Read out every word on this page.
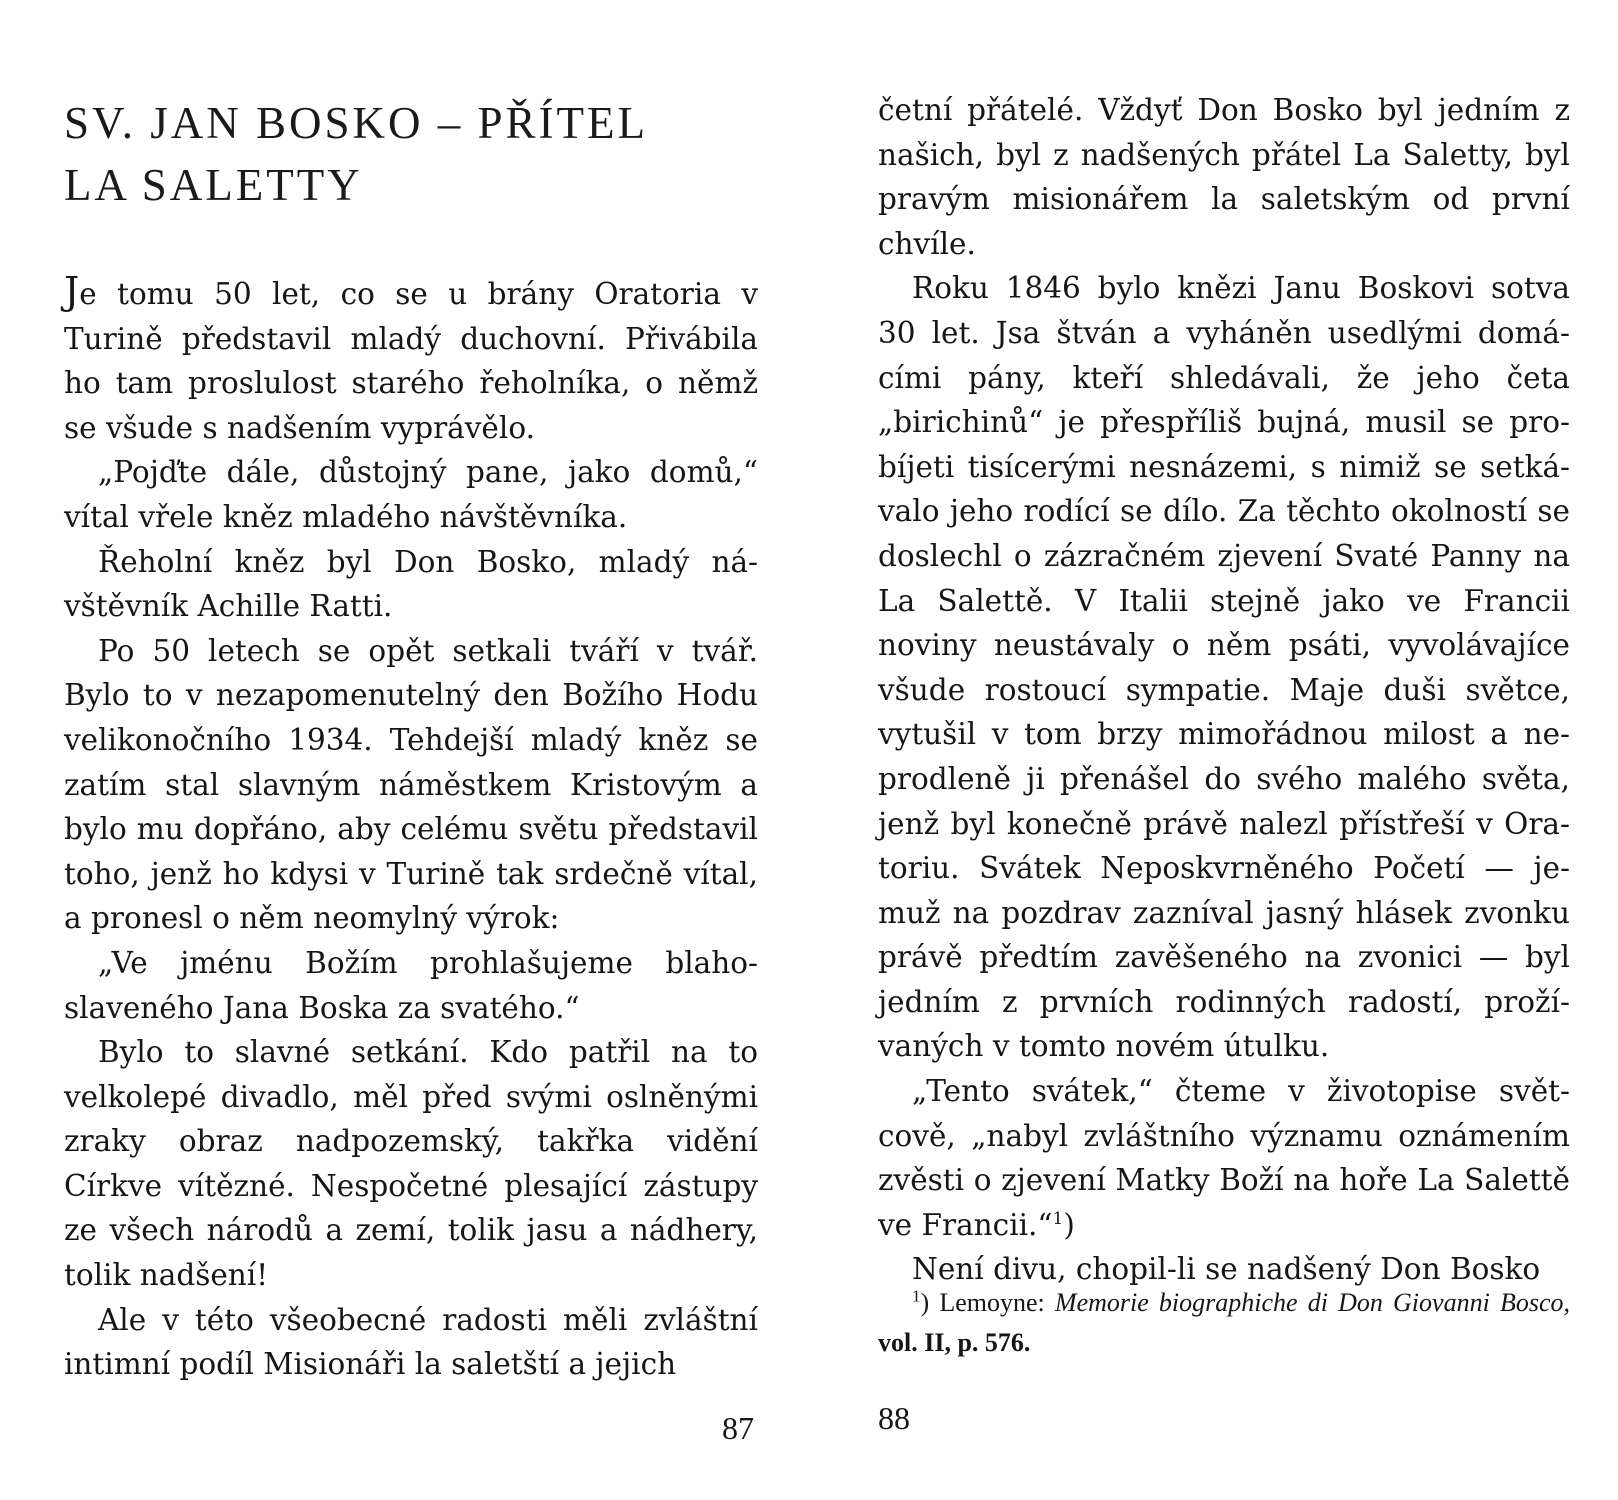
SV. JAN BOSKO – PŘÍTEL
LA SALETTY

Je tomu 50 let, co se u brány Oratoria v Turině představil mladý duchovní. Přivábila ho tam proslulost starého řeholníka, o němž se všude s nadšením vyprávělo.

„Pojďte dále, důstojný pane, jako domů,“ vítal vřele kněz mladého návštěvníka.

Řeholní kněz byl Don Bosko, mladý návštěvník Achille Ratti.

Po 50 letech se opět setkali tváří v tvář. Bylo to v nezapomenutelný den Božího Hodu velikonočního 1934. Tehdejší mladý kněz se zatím stal slavným náměstkem Kristovým a bylo mu dopřáno, aby celému světu představil toho, jenž ho kdysi v Turině tak srdečně vítal, a pronesl o něm neomylný výrok:

„Ve jménu Božím prohlašujeme blahoslaveného Jana Boska za svatého.“

Bylo to slavné setkání. Kdo patřil na to velkolepé divadlo, měl před svými oslněnými zraky obraz nadpozemský, takřka vidění Církve vítězné. Nespočetné plesající zástupy ze všech národů a zemí, tolik jasu a nádhery, tolik nadšení!

Ale v této všeobecné radosti měli zvláštní intimní podíl Misionáři la saletští a jejich

87

četní přátelé. Vždyť Don Bosko byl jedním z našich, byl z nadšených přátel La Saletty, byl pravým misionářem la saletským od první chvíle.

Roku 1846 bylo knězi Janu Boskovi sotva 30 let. Jsa štván a vyháněn usedlými domácími pány, kteří shledávali, že jeho četa „birichinů“ je přespříliš bujná, musil se probíjeti tisícerými nesnázemi, s nimiž se setkávalo jeho rodící se dílo. Za těchto okolností se doslechl o zázračném zjevení Svaté Panny na La Salettě. V Italii stejně jako ve Francii noviny neustávaly o něm psáti, vyvolávajíce všude rostoucí sympatie. Maje duši světce, vytušil v tom brzy mimořádnou milost a neprodleně ji přenášel do svého malého světa, jenž byl konečně právě nalezl přístřeší v Oratoriu. Svátek Neposkvrněného Početí — jemuž na pozdrav zazníval jasný hlásek zvonku právě předtím zavěšeného na zvonici — byl jedním z prvních rodinných radostí, prožívaných v tomto novém útulku.

„Tento svátek,“ čteme v životopise světcově, „nabyl zvláštního významu oznámením zvěsti o zjevení Matky Boží na hoře La Salettě ve Francii.“$^1$)

Není divu, chopil-li se nadšený Don Bosko

$^1$) Lemoyne: Memorie biographiche di Don Giovanni Bosco, vol. II, p. 576.

88
